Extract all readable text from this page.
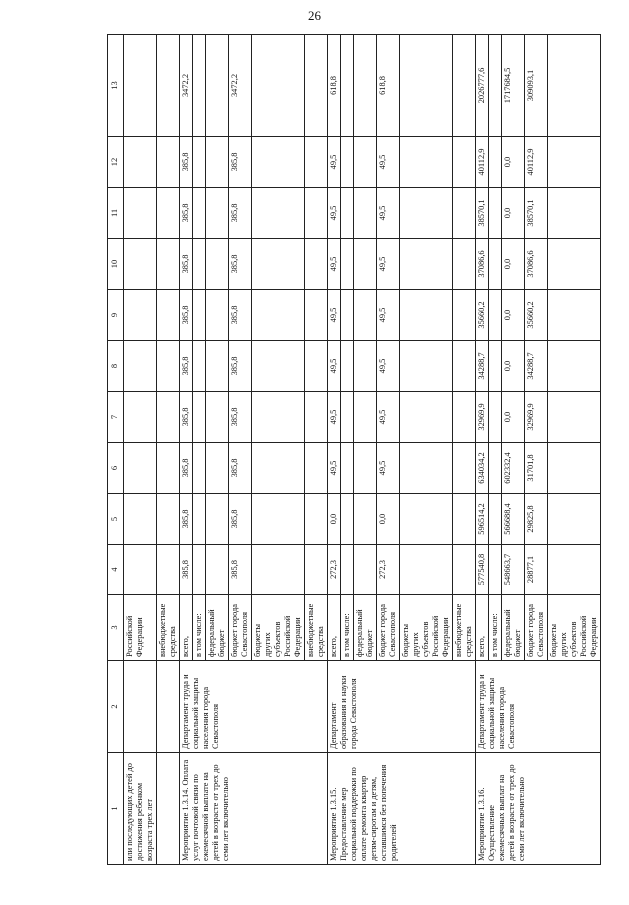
26
1	2	3	4	5	6	7	8	9	10	11	12	13
или последующих детей до достижения ребенком возраста трех лет		Российской Федерации										
		внебюджетные средства										
Мероприятие 1.3.14. Оплата услуг почтовой связи по ежемесячной выплате на детей в возрасте от трех до семи лет включительно	Департамент труда и социальной защиты населения города Севастополя	всего,	385,8	385,8	385,8	385,8	385,8	385,8	385,8	385,8	385,8	3472,2
		в том числе:										
		федеральный бюджет										
		бюджет города Севастополя	385,8	385,8	385,8	385,8	385,8	385,8	385,8	385,8	385,8	3472,2
		бюджеты других субъектов Российской Федерации										
		внебюджетные средства										
Мероприятие 1.3.15. Предоставление мер социальной поддержки по оплате ремонта квартир детям-сиротам и детям, оставшимся без попечения родителей	Департамент образования и науки города Севастополя	всего,	272,3	0,0	49,5	49,5	49,5	49,5	49,5	49,5	49,5	618,8
		в том числе:										
		федеральный бюджет										
		бюджет города Севастополя	272,3	0,0	49,5	49,5	49,5	49,5	49,5	49,5	49,5	618,8
		бюджеты других субъектов Российской Федерации										
		внебюджетные средства										
Мероприятие 1.3.16. Осуществление ежемесячных выплат на детей в возрасте от трех до семи лет включительно	Департамент труда и социальной защиты населения города Севастополя	всего,	577540,8	596514,2	634034,2	32969,9	34288,7	35660,2	37086,6	38570,1	40112,9	2026777,6
		в том числе:										
		федеральный бюджет	548663,7	566688,4	602332,4	0,0	0,0	0,0	0,0	0,0	0,0	1717684,5
		бюджет города Севастополя	28877,1	29825,8	31701,8	32969,9	34288,7	35660,2	37086,6	38570,1	40112,9	309093,1
		бюджеты других субъектов Российской Федерации										
